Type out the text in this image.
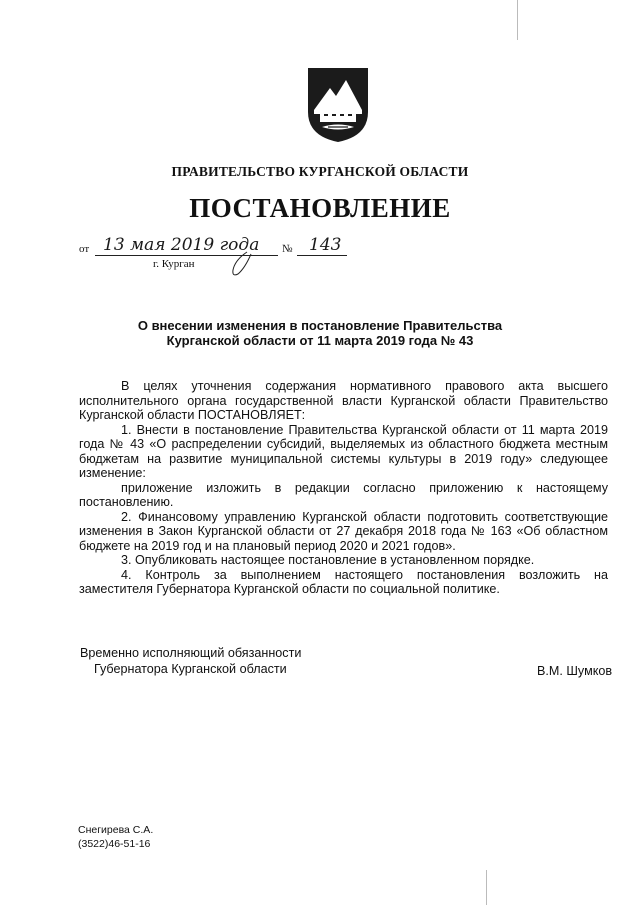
ПРАВИТЕЛЬСТВО КУРГАНСКОЙ ОБЛАСТИ
ПОСТАНОВЛЕНИЕ
от 13 мая 2019 года № 143
г. Курган
О внесении изменения в постановление Правительства
Курганской области от 11 марта 2019 года № 43
В целях уточнения содержания нормативного правового акта высшего исполнительного органа государственной власти Курганской области Правительство Курганской области ПОСТАНОВЛЯЕТ:
1. Внести в постановление Правительства Курганской области от 11 марта 2019 года № 43 «О распределении субсидий, выделяемых из областного бюджета местным бюджетам на развитие муниципальной системы культуры в 2019 году» следующее изменение:
приложение изложить в редакции согласно приложению к настоящему постановлению.
2. Финансовому управлению Курганской области подготовить соответствующие изменения в Закон Курганской области от 27 декабря 2018 года № 163 «Об областном бюджете на 2019 год и на плановый период 2020 и 2021 годов».
3. Опубликовать настоящее постановление в установленном порядке.
4. Контроль за выполнением настоящего постановления возложить на заместителя Губернатора Курганской области по социальной политике.
Временно исполняющий обязанности
Губернатора Курганской области	В.М. Шумков
Снегирева С.А.
(3522)46-51-16
